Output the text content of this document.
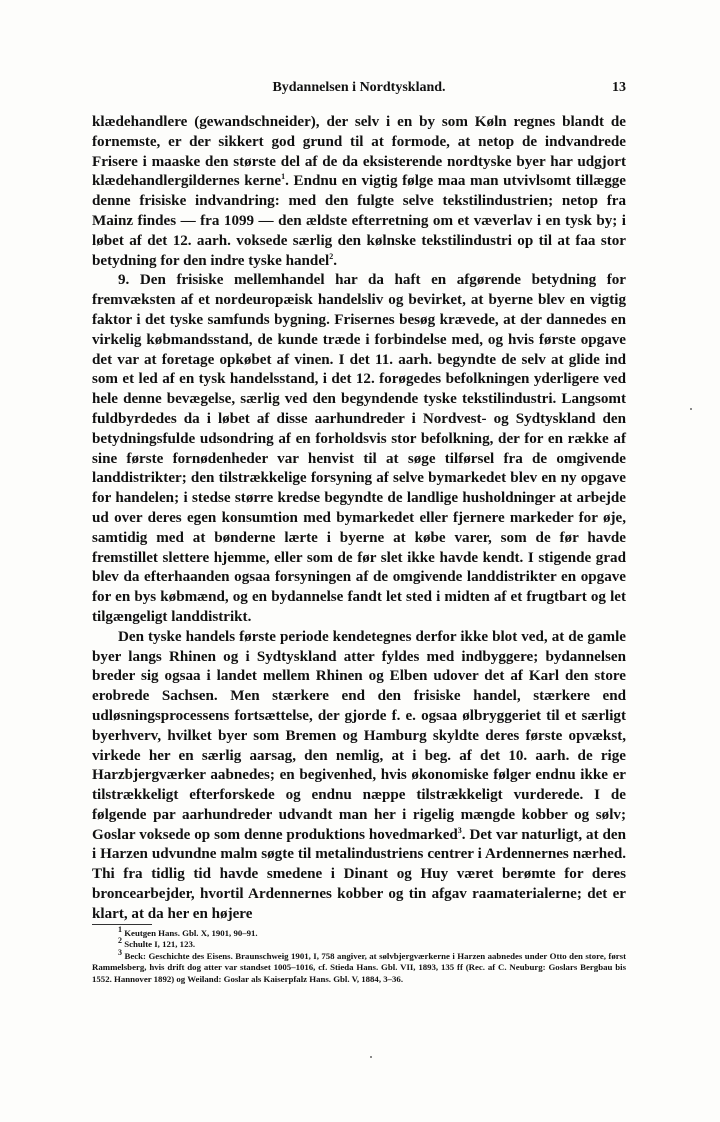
Bydannelsen i Nordtyskland.	13

klædehandlere (gewandschneider), der selv i en by som Køln regnes blandt de fornemste, er der sikkert god grund til at formode, at netop de indvandrede Frisere i maaske den største del af de da eksisterende nordtyske byer har udgjort klædehandlergildernes kerne$^1$. Endnu en vigtig følge maa man utvivlsomt tillægge denne frisiske indvandring: med den fulgte selve tekstilindustrien; netop fra Mainz findes — fra 1099 — den ældste efterretning om et væverlav i en tysk by; i løbet af det 12. aarh. voksede særlig den kølnske tekstilindustri op til at faa stor betydning for den indre tyske handel$^2$.

9. Den frisiske mellemhandel har da haft en afgørende betydning for fremvæksten af et nordeuropæisk handelsliv og bevirket, at byerne blev en vigtig faktor i det tyske samfunds bygning. Frisernes besøg krævede, at der dannedes en virkelig købmandsstand, de kunde træde i forbindelse med, og hvis første opgave det var at foretage opkøbet af vinen. I det 11. aarh. begyndte de selv at glide ind som et led af en tysk handelsstand, i det 12. forøgedes befolkningen yderligere ved hele denne bevægelse, særlig ved den begyndende tyske tekstilindustri. Langsomt fuldbyrdedes da i løbet af disse aarhundreder i Nordvest- og Sydtyskland den betydningsfulde udsondring af en forholdsvis stor befolkning, der for en række af sine første fornødenheder var henvist til at søge tilførsel fra de omgivende landdistrikter; den tilstrækkelige forsyning af selve bymarkedet blev en ny opgave for handelen; i stedse større kredse begyndte de landlige husholdninger at arbejde ud over deres egen konsumtion med bymarkedet eller fjernere markeder for øje, samtidig med at bønderne lærte i byerne at købe varer, som de før havde fremstillet slettere hjemme, eller som de før slet ikke havde kendt. I stigende grad blev da efterhaanden ogsaa forsyningen af de omgivende landdistrikter en opgave for en bys købmænd, og en bydannelse fandt let sted i midten af et frugtbart og let tilgængeligt landdistrikt.

Den tyske handels første periode kendetegnes derfor ikke blot ved, at de gamle byer langs Rhinen og i Sydtyskland atter fyldes med indbyggere; bydannelsen breder sig ogsaa i landet mellem Rhinen og Elben udover det af Karl den store erobrede Sachsen. Men stærkere end den frisiske handel, stærkere end udløsningsprocessens fortsættelse, der gjorde f. e. ogsaa ølbryggeriet til et særligt byerhverv, hvilket byer som Bremen og Hamburg skyldte deres første opvækst, virkede her en særlig aarsag, den nemlig, at i beg. af det 10. aarh. de rige Harzbjergværker aabnedes; en begivenhed, hvis økonomiske følger endnu ikke er tilstrækkeligt efterforskede og endnu næppe tilstrækkeligt vurderede. I de følgende par aarhundreder udvandt man her i rigelig mængde kobber og sølv; Goslar voksede op som denne produktions hovedmarked$^3$. Det var naturligt, at den i Harzen udvundne malm søgte til metalindustriens centrer i Ardennernes nærhed. Thi fra tidlig tid havde smedene i Dinant og Huy været berømte for deres broncearbejder, hvortil Ardennernes kobber og tin afgav raamaterialerne; det er klart, at da her en højere

$^1$ Keutgen Hans. Gbl. X, 1901, 90–91.

$^2$ Schulte I, 121, 123.

$^3$ Beck: Geschichte des Eisens. Braunschweig 1901, I, 758 angiver, at sølvbjergværkerne i Harzen aabnedes under Otto den store, først Rammelsberg, hvis drift dog atter var standset 1005–1016, cf. Stieda Hans. Gbl. VII, 1893, 135 ff (Rec. af C. Neuburg: Goslars Bergbau bis 1552. Hannover 1892) og Weiland: Goslar als Kaiserpfalz Hans. Gbl. V, 1884, 3–36.
